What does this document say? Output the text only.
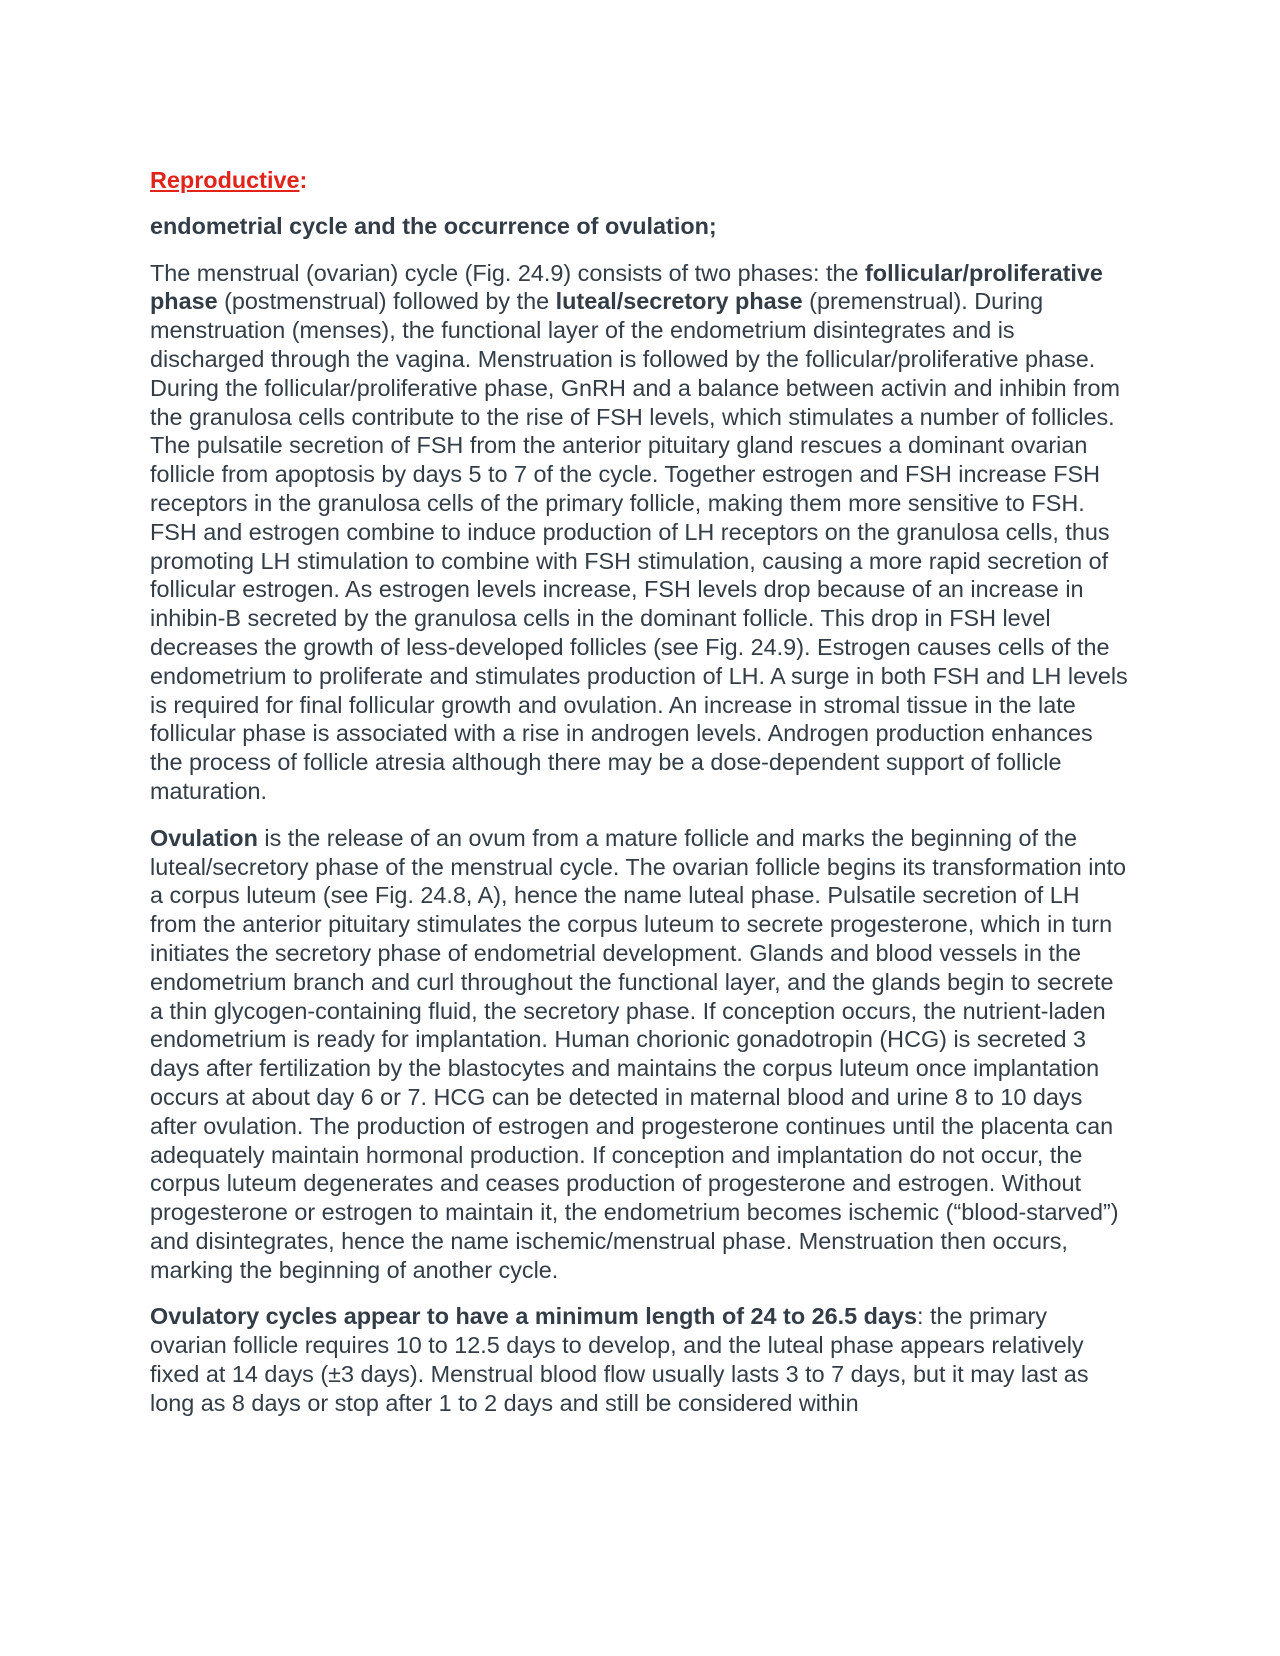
Reproductive:

endometrial cycle and the occurrence of ovulation;

The menstrual (ovarian) cycle (Fig. 24.9) consists of two phases: the follicular/proliferative phase (postmenstrual) followed by the luteal/secretory phase (premenstrual). During menstruation (menses), the functional layer of the endometrium disintegrates and is discharged through the vagina. Menstruation is followed by the follicular/proliferative phase. During the follicular/proliferative phase, GnRH and a balance between activin and inhibin from the granulosa cells contribute to the rise of FSH levels, which stimulates a number of follicles. The pulsatile secretion of FSH from the anterior pituitary gland rescues a dominant ovarian follicle from apoptosis by days 5 to 7 of the cycle. Together estrogen and FSH increase FSH receptors in the granulosa cells of the primary follicle, making them more sensitive to FSH. FSH and estrogen combine to induce production of LH receptors on the granulosa cells, thus promoting LH stimulation to combine with FSH stimulation, causing a more rapid secretion of follicular estrogen. As estrogen levels increase, FSH levels drop because of an increase in inhibin-B secreted by the granulosa cells in the dominant follicle. This drop in FSH level decreases the growth of less-developed follicles (see Fig. 24.9). Estrogen causes cells of the endometrium to proliferate and stimulates production of LH. A surge in both FSH and LH levels is required for final follicular growth and ovulation. An increase in stromal tissue in the late follicular phase is associated with a rise in androgen levels. Androgen production enhances the process of follicle atresia although there may be a dose-dependent support of follicle maturation.

Ovulation is the release of an ovum from a mature follicle and marks the beginning of the luteal/secretory phase of the menstrual cycle. The ovarian follicle begins its transformation into a corpus luteum (see Fig. 24.8, A), hence the name luteal phase. Pulsatile secretion of LH from the anterior pituitary stimulates the corpus luteum to secrete progesterone, which in turn initiates the secretory phase of endometrial development. Glands and blood vessels in the endometrium branch and curl throughout the functional layer, and the glands begin to secrete a thin glycogen-containing fluid, the secretory phase. If conception occurs, the nutrient-laden endometrium is ready for implantation. Human chorionic gonadotropin (HCG) is secreted 3 days after fertilization by the blastocytes and maintains the corpus luteum once implantation occurs at about day 6 or 7. HCG can be detected in maternal blood and urine 8 to 10 days after ovulation. The production of estrogen and progesterone continues until the placenta can adequately maintain hormonal production. If conception and implantation do not occur, the corpus luteum degenerates and ceases production of progesterone and estrogen. Without progesterone or estrogen to maintain it, the endometrium becomes ischemic (“blood-starved”) and disintegrates, hence the name ischemic/menstrual phase. Menstruation then occurs, marking the beginning of another cycle.

Ovulatory cycles appear to have a minimum length of 24 to 26.5 days: the primary ovarian follicle requires 10 to 12.5 days to develop, and the luteal phase appears relatively fixed at 14 days (±3 days). Menstrual blood flow usually lasts 3 to 7 days, but it may last as long as 8 days or stop after 1 to 2 days and still be considered within
